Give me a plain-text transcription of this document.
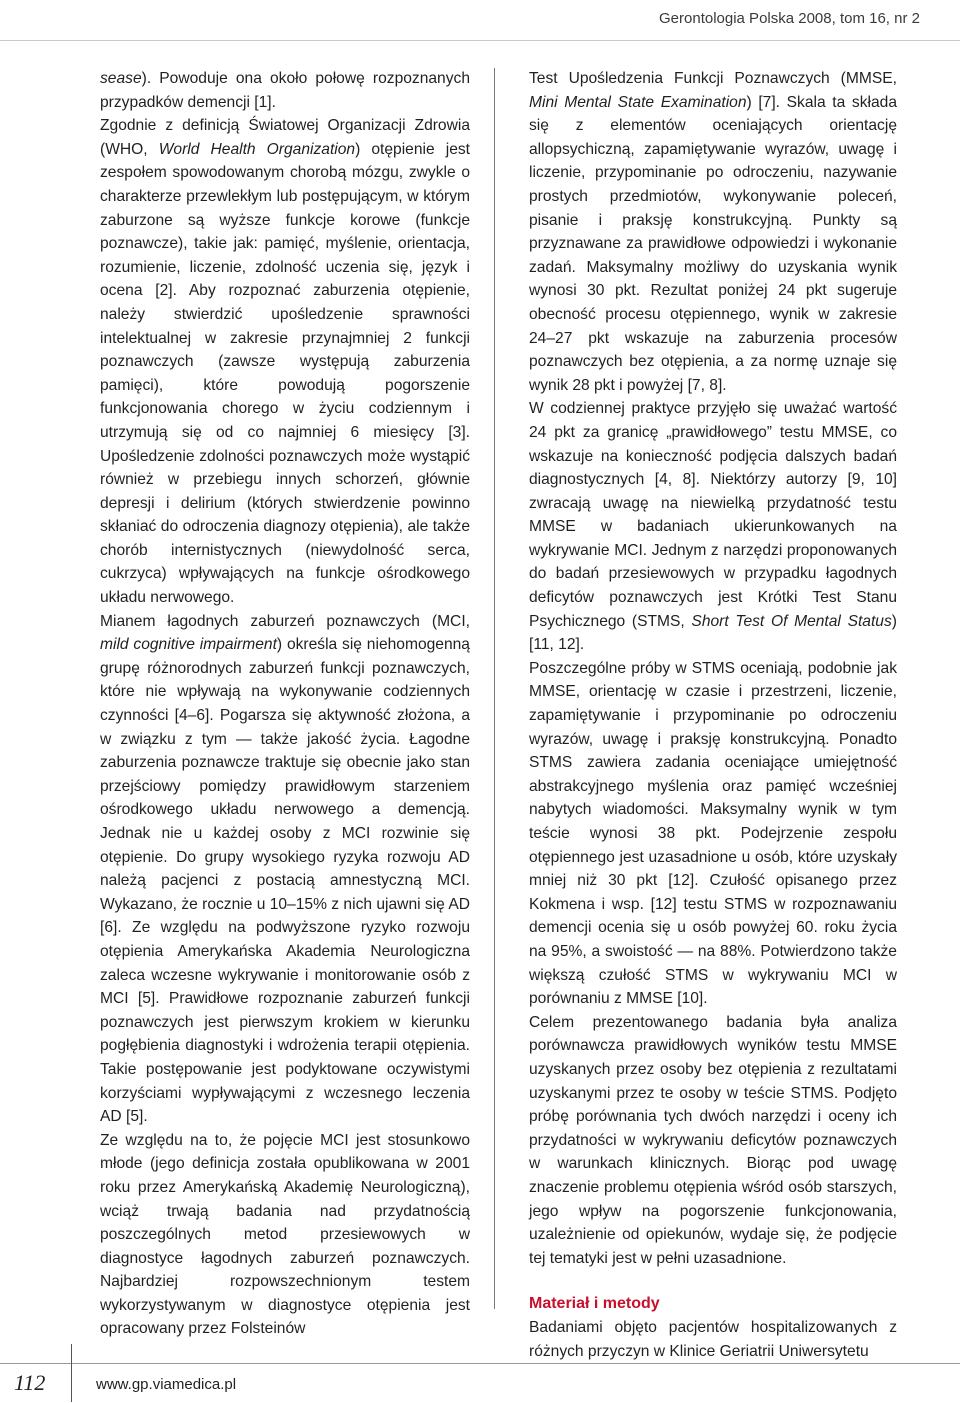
Gerontologia Polska 2008, tom 16, nr 2

sease). Powoduje ona około połowę rozpoznanych przypadków demencji [1].

Zgodnie z definicją Światowej Organizacji Zdrowia (WHO, World Health Organization) otępienie jest zespołem spowodowanym chorobą mózgu, zwykle o charakterze przewlekłym lub postępującym, w którym zaburzone są wyższe funkcje korowe (funkcje poznawcze), takie jak: pamięć, myślenie, orientacja, rozumienie, liczenie, zdolność uczenia się, język i ocena [2]. Aby rozpoznać zaburzenia otępienie, należy stwierdzić upośledzenie sprawności intelektualnej w zakresie przynajmniej 2 funkcji poznawczych (zawsze występują zaburzenia pamięci), które powodują pogorszenie funkcjonowania chorego w życiu codziennym i utrzymują się od co najmniej 6 miesięcy [3]. Upośledzenie zdolności poznawczych może wystąpić również w przebiegu innych schorzeń, głównie depresji i delirium (których stwierdzenie powinno skłaniać do odroczenia diagnozy otępienia), ale także chorób internistycznych (niewydolność serca, cukrzyca) wpływających na funkcje ośrodkowego układu nerwowego.

Mianem łagodnych zaburzeń poznawczych (MCI, mild cognitive impairment) określa się niehomogenną grupę różnorodnych zaburzeń funkcji poznawczych, które nie wpływają na wykonywanie codziennych czynności [4–6]. Pogarsza się aktywność złożona, a w związku z tym — także jakość życia. Łagodne zaburzenia poznawcze traktuje się obecnie jako stan przejściowy pomiędzy prawidłowym starzeniem ośrodkowego układu nerwowego a demencją. Jednak nie u każdej osoby z MCI rozwinie się otępienie. Do grupy wysokiego ryzyka rozwoju AD należą pacjenci z postacią amnestyczną MCI. Wykazano, że rocznie u 10–15% z nich ujawni się AD [6]. Ze względu na podwyższone ryzyko rozwoju otępienia Amerykańska Akademia Neurologiczna zaleca wczesne wykrywanie i monitorowanie osób z MCI [5]. Prawidłowe rozpoznanie zaburzeń funkcji poznawczych jest pierwszym krokiem w kierunku pogłębienia diagnostyki i wdrożenia terapii otępienia. Takie postępowanie jest podyktowane oczywistymi korzyściami wypływającymi z wczesnego leczenia AD [5].

Ze względu na to, że pojęcie MCI jest stosunkowo młode (jego definicja została opublikowana w 2001 roku przez Amerykańską Akademię Neurologiczną), wciąż trwają badania nad przydatnością poszczególnych metod przesiewowych w diagnostyce łagodnych zaburzeń poznawczych. Najbardziej rozpowszechnionym testem wykorzystywanym w diagnostyce otępienia jest opracowany przez Folsteinów

Test Upośledzenia Funkcji Poznawczych (MMSE, Mini Mental State Examination) [7]. Skala ta składa się z elementów oceniających orientację allopsychiczną, zapamiętywanie wyrazów, uwagę i liczenie, przypominanie po odroczeniu, nazywanie prostych przedmiotów, wykonywanie poleceń, pisanie i praksję konstrukcyjną. Punkty są przyznawane za prawidłowe odpowiedzi i wykonanie zadań. Maksymalny możliwy do uzyskania wynik wynosi 30 pkt. Rezultat poniżej 24 pkt sugeruje obecność procesu otępiennego, wynik w zakresie 24–27 pkt wskazuje na zaburzenia procesów poznawczych bez otępienia, a za normę uznaje się wynik 28 pkt i powyżej [7, 8].

W codziennej praktyce przyjęło się uważać wartość 24 pkt za granicę „prawidłowego” testu MMSE, co wskazuje na konieczność podjęcia dalszych badań diagnostycznych [4, 8]. Niektórzy autorzy [9, 10] zwracają uwagę na niewielką przydatność testu MMSE w badaniach ukierunkowanych na wykrywanie MCI. Jednym z narzędzi proponowanych do badań przesiewowych w przypadku łagodnych deficytów poznawczych jest Krótki Test Stanu Psychicznego (STMS, Short Test Of Mental Status) [11, 12].

Poszczególne próby w STMS oceniają, podobnie jak MMSE, orientację w czasie i przestrzeni, liczenie, zapamiętywanie i przypominanie po odroczeniu wyrazów, uwagę i praksję konstrukcyjną. Ponadto STMS zawiera zadania oceniające umiejętność abstrakcyjnego myślenia oraz pamięć wcześniej nabytych wiadomości. Maksymalny wynik w tym teście wynosi 38 pkt. Podejrzenie zespołu otępiennego jest uzasadnione u osób, które uzyskały mniej niż 30 pkt [12]. Czułość opisanego przez Kokmena i wsp. [12] testu STMS w rozpoznawaniu demencji ocenia się u osób powyżej 60. roku życia na 95%, a swoistość — na 88%. Potwierdzono także większą czułość STMS w wykrywaniu MCI w porównaniu z MMSE [10].

Celem prezentowanego badania była analiza porównawcza prawidłowych wyników testu MMSE uzyskanych przez osoby bez otępienia z rezultatami uzyskanymi przez te osoby w teście STMS. Podjęto próbę porównania tych dwóch narzędzi i oceny ich przydatności w wykrywaniu deficytów poznawczych w warunkach klinicznych. Biorąc pod uwagę znaczenie problemu otępienia wśród osób starszych, jego wpływ na pogorszenie funkcjonowania, uzależnienie od opiekunów, wydaje się, że podjęcie tej tematyki jest w pełni uzasadnione.

Materiał i metody

Badaniami objęto pacjentów hospitalizowanych z różnych przyczyn w Klinice Geriatrii Uniwersytetu

112	www.gp.viamedica.pl
